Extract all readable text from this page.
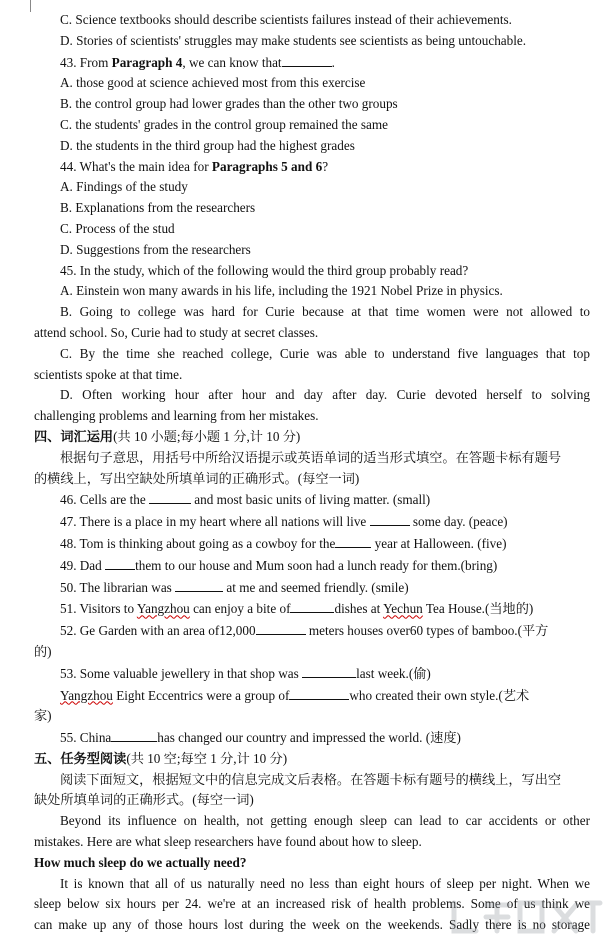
C. Science textbooks should describe scientists failures instead of their achievements.
D. Stories of scientists' struggles may make students see scientists as being untouchable.
43. From Paragraph 4, we can know that	.
A. those good at science achieved most from this exercise
B. the control group had lower grades than the other two groups
C. the students' grades in the control group remained the same
D. the students in the third group had the highest grades
44. What's the main idea for Paragraphs 5 and 6?
A. Findings of the study
B. Explanations from the researchers
C. Process of the stud
D. Suggestions from the researchers
45. In the study, which of the following would the third group probably read?
A. Einstein won many awards in his life, including the 1921 Nobel Prize in physics.
B. Going to college was hard for Curie because at that time women were not allowed to
attend school. So, Curie had to study at secret classes.
C. By the time she reached college, Curie was able to understand five languages that top
scientists spoke at that time.
D. Often working hour after hour and day after day. Curie devoted herself to solving
challenging problems and learning from her mistakes.
四、词汇运用(共 10 小题;每小题 1 分,计 10 分)
根据句子意思，用括号中所给汉语提示或英语单词的适当形式填空。在答题卡标有题号
的横线上，写出空缺处所填单词的正确形式。(每空一词)
46. Cells are the	and most basic units of living matter. (small)
47. There is a place in my heart where all nations will live	some day. (peace)
48. Tom is thinking about going as a cowboy for the	year at Halloween. (five)
49. Dad	them to our house and Mum soon had a lunch ready for them.(bring)
50. The librarian was	at me and seemed friendly. (smile)
51. Visitors to Yangzhou can enjoy a bite of	dishes at Yechun Tea House.(当地的)
52. Ge Garden with an area of12,000	meters houses over60 types of bamboo.(平方
的)
53. Some valuable jewellery in that shop was	last week.(偷)
Yangzhou Eight Eccentrics were a group of	who created their own style.(艺术
家)
55. China	has changed our country and impressed the world. (速度)
五、任务型阅读(共 10 空;每空 1 分,计 10 分)
阅读下面短文，根据短文中的信息完成文后表格。在答题卡标有题号的横线上，写出空
缺处所填单词的正确形式。(每空一词)
Beyond its influence on health, not getting enough sleep can lead to car accidents or other
mistakes. Here are what sleep researchers have found about how to sleep.
How much sleep do we actually need?
It is known that all of us naturally need no less than eight hours of sleep per night. When we
sleep below six hours per 24. we're at an increased risk of health problems. Some of us think we
can make up any of those hours lost during the week on the weekends. Sadly there is no storage
